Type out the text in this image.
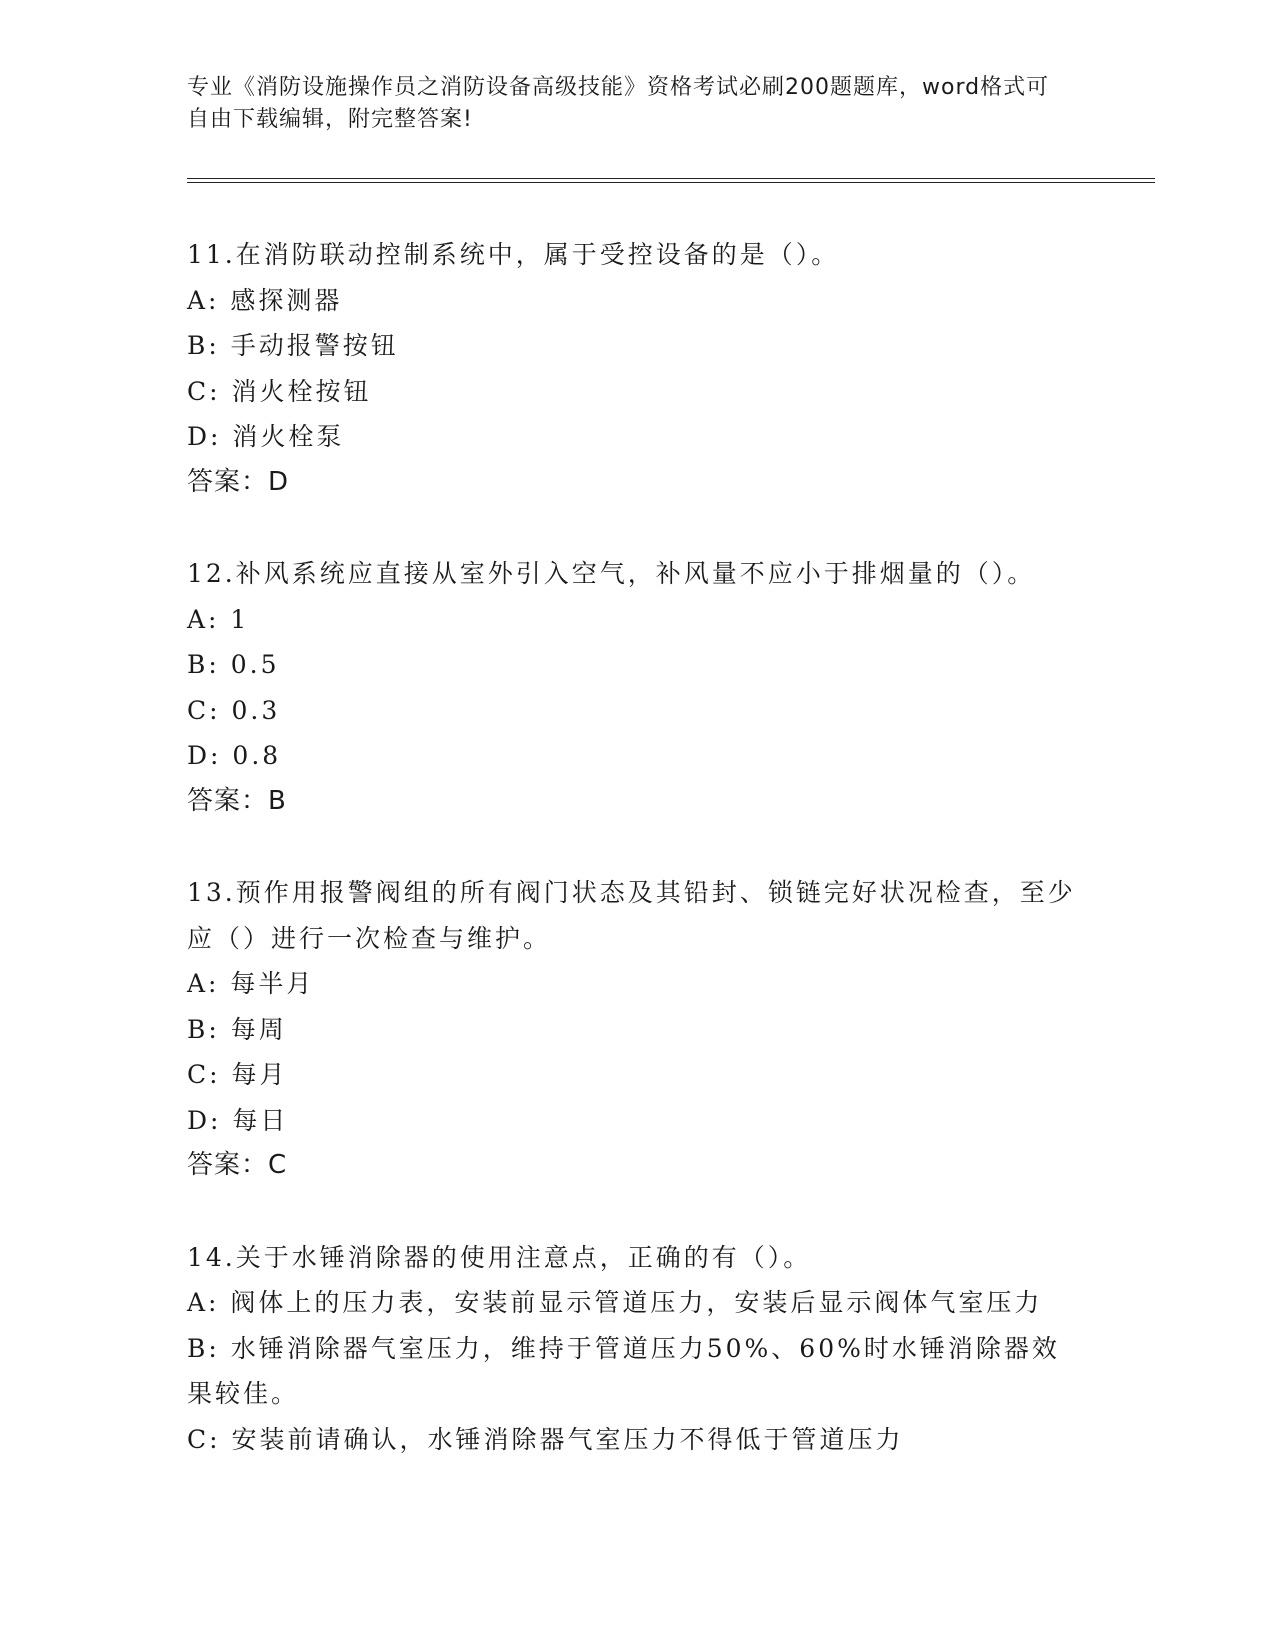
专业《消防设施操作员之消防设备高级技能》资格考试必刷200题题库，word格式可自由下载编辑，附完整答案!
11.在消防联动控制系统中，属于受控设备的是（）。
A: 感探测器
B: 手动报警按钮
C: 消火栓按钮
D: 消火栓泵
答案：D
12.补风系统应直接从室外引入空气，补风量不应小于排烟量的（）。
A: 1
B: 0.5
C: 0.3
D: 0.8
答案：B
13.预作用报警阀组的所有阀门状态及其铅封、锁链完好状况检查，至少应（）进行一次检查与维护。
A: 每半月
B: 每周
C: 每月
D: 每日
答案：C
14.关于水锤消除器的使用注意点，正确的有（）。
A: 阀体上的压力表，安装前显示管道压力，安装后显示阀体气室压力
B: 水锤消除器气室压力，维持于管道压力50%、60%时水锤消除器效果较佳。
C: 安装前请确认，水锤消除器气室压力不得低于管道压力
